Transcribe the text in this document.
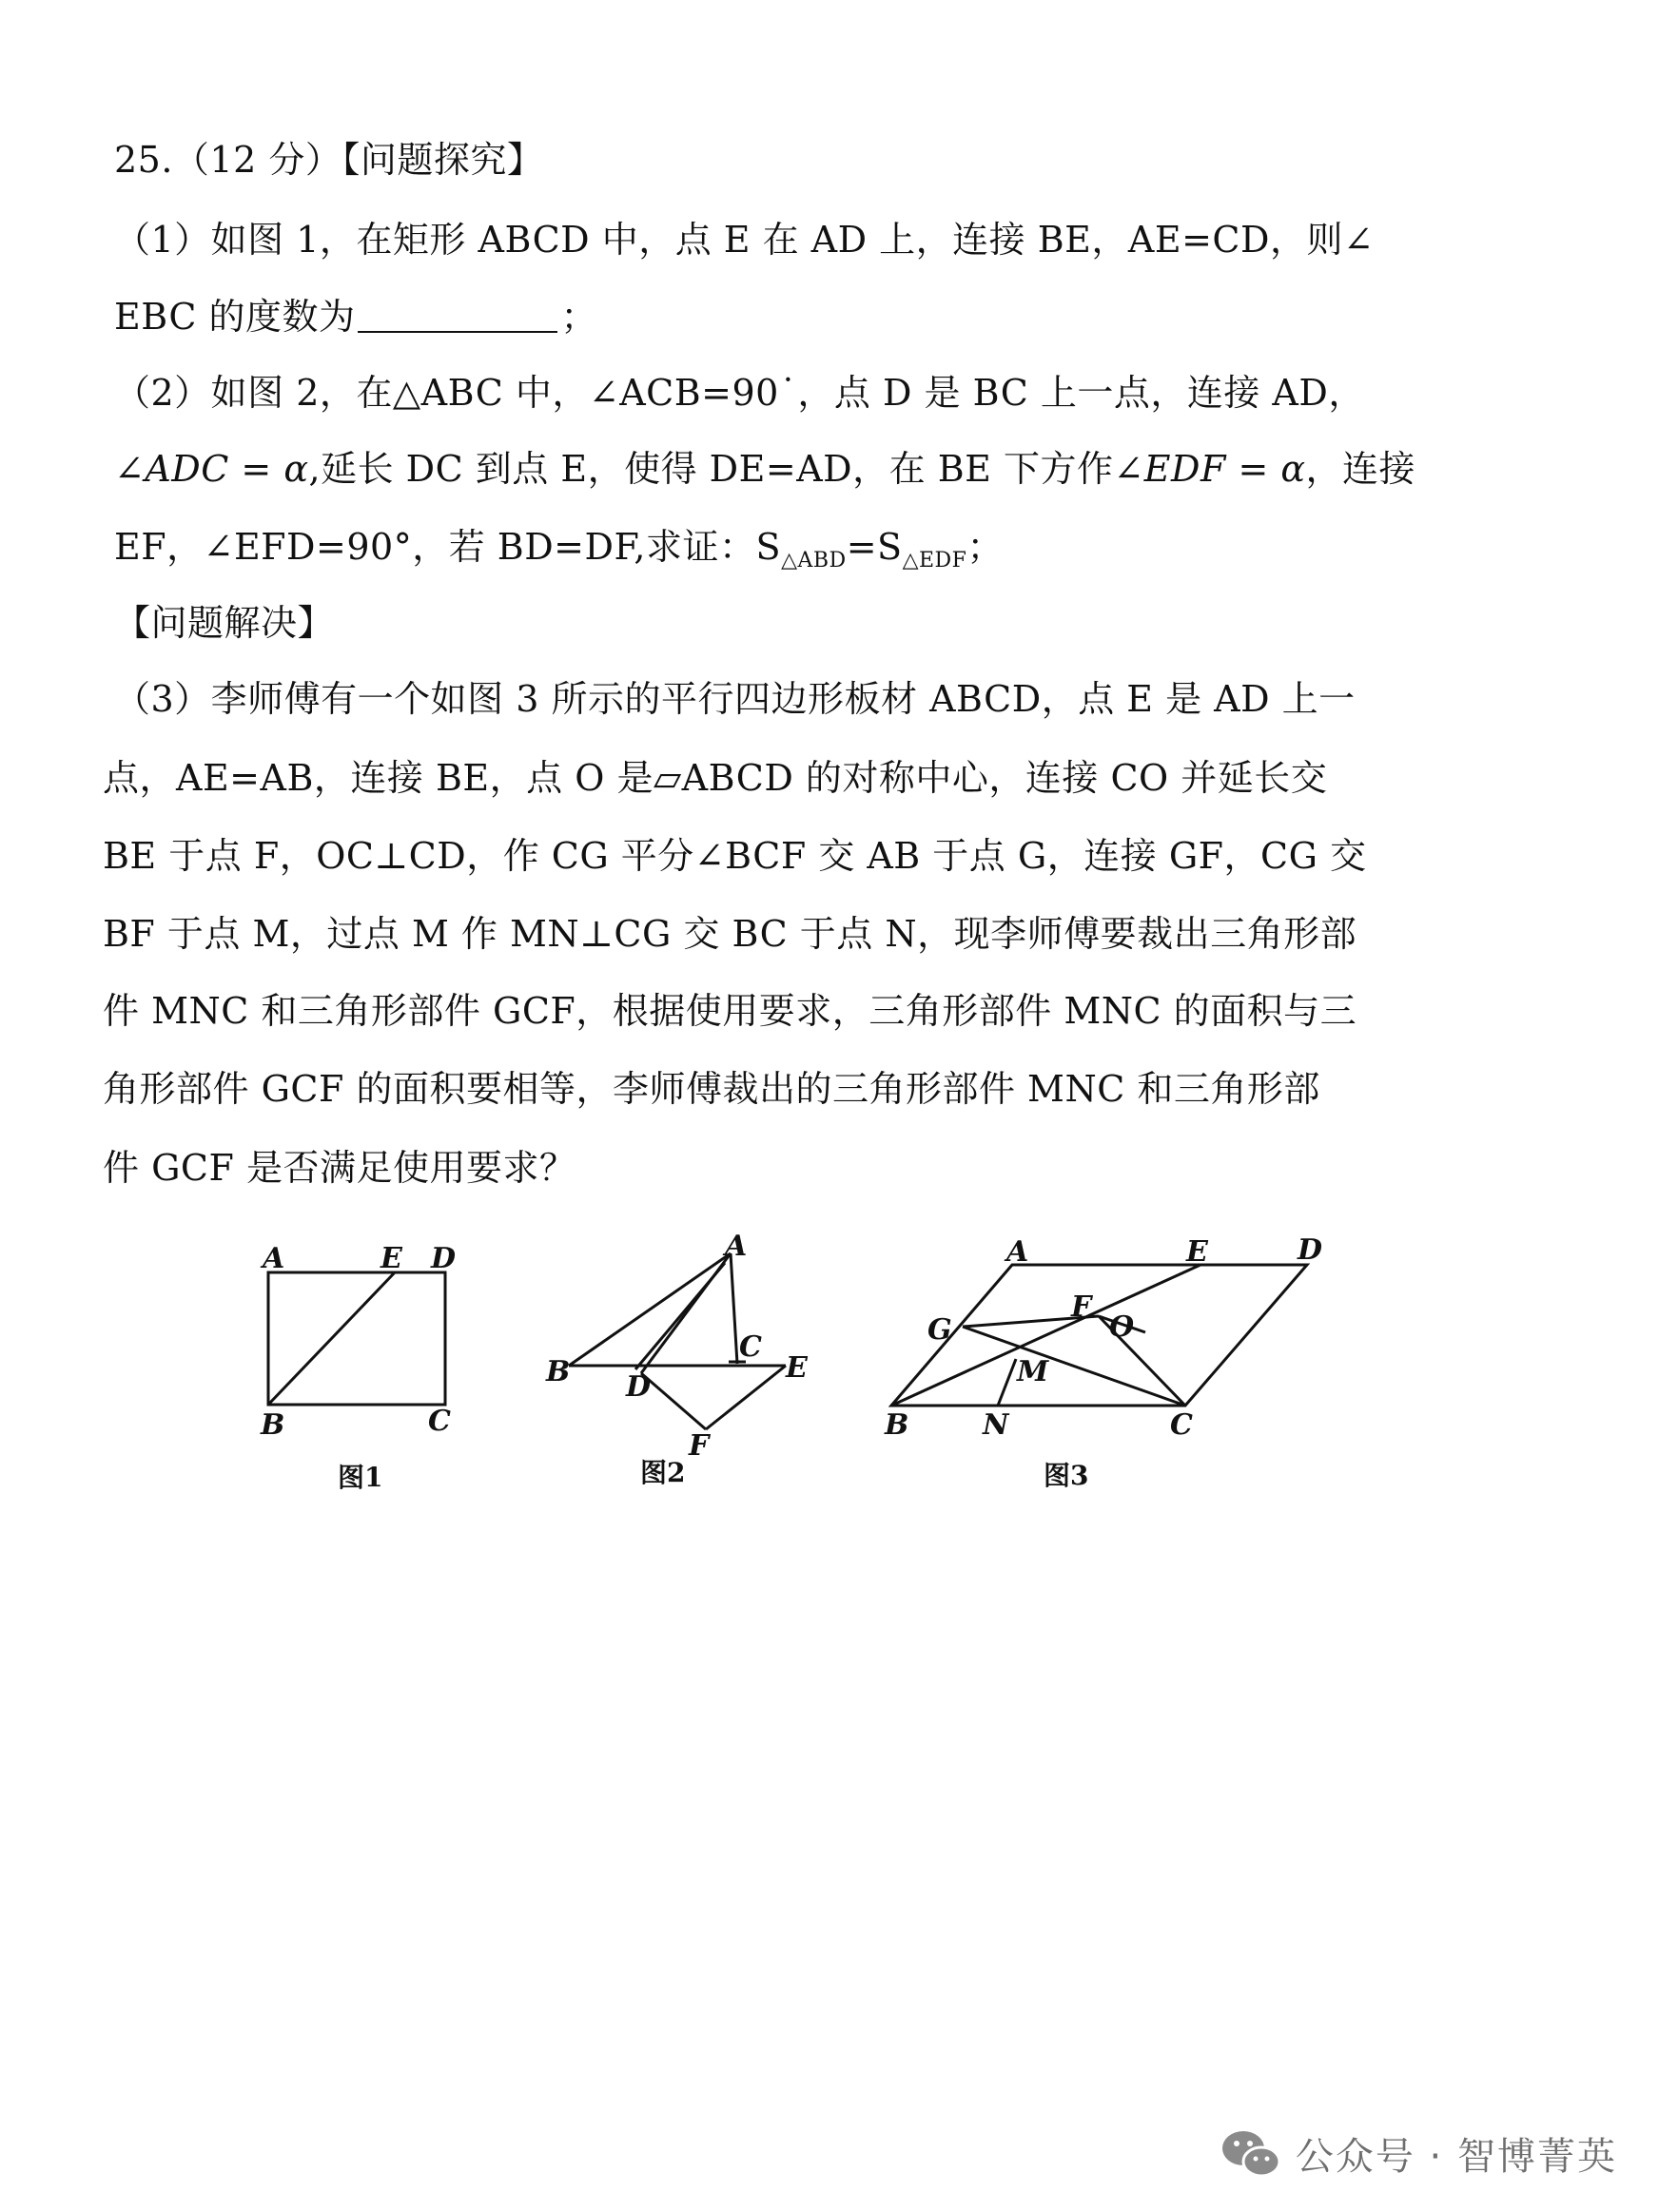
25.（12 分）【问题探究】
（1）如图 1，在矩形 ABCD 中，点 E 在 AD 上，连接 BE，AE=CD，则∠
EBC 的度数为	；
（2）如图 2，在△ABC 中，∠ACB=90˙，点 D 是 BC 上一点，连接 AD，
∠ADC = α,延长 DC 到点 E，使得 DE=AD，在 BE 下方作∠EDF = α，连接
EF，∠EFD=90°，若 BD=DF,求证：$S_{\triangle ABD}=S_{\triangle EDF}$；
【问题解决】
（3）李师傅有一个如图 3 所示的平行四边形板材 ABCD，点 E 是 AD 上一
点，AE=AB，连接 BE，点 O 是▱ABCD 的对称中心，连接 CO 并延长交
BE 于点 F，OC⊥CD，作 CG 平分∠BCF 交 AB 于点 G，连接 GF，CG 交
BF 于点 M，过点 M 作 MN⊥CG 交 BC 于点 N，现李师傅要裁出三角形部
件 MNC 和三角形部件 GCF，根据使用要求，三角形部件 MNC 的面积与三
角形部件 GCF 的面积要相等，李师傅裁出的三角形部件 MNC 和三角形部
件 GCF 是否满足使用要求？
A	E D
B	C
图1
A
B D
C
E
F
图2
A	E	D
G
F
O
M
B	N	C
图3
公众号 · 智博菁英
